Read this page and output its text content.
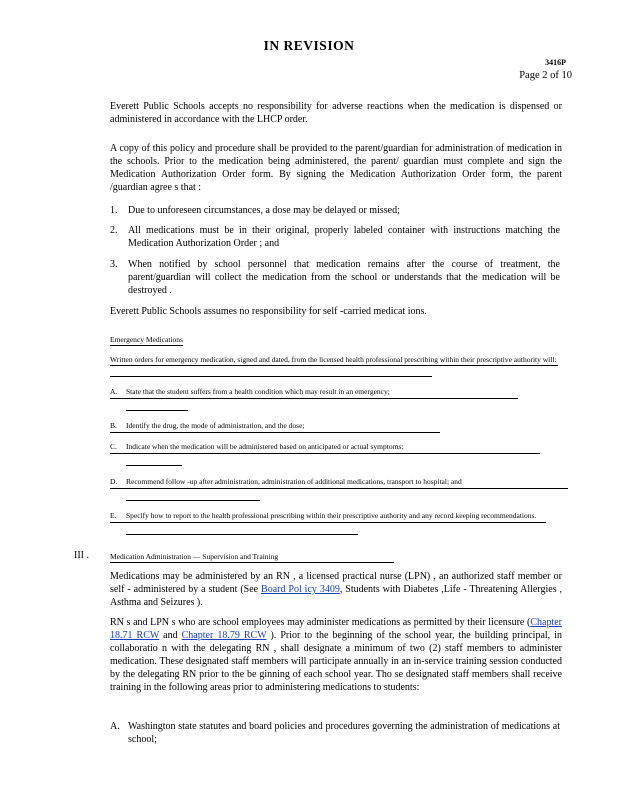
IN REVISION
3416P
Page 2 of 10
Everett Public Schools accepts no responsibility for adverse reactions when the medication is dispensed or administered in accordance with the LHCP order.
A copy of this policy and procedure shall be provided to the parent/guardian for administration of medication in the schools. Prior to the medication being administered, the parent/ guardian must complete and sign the Medication Authorization Order form. By signing the Medication Authorization Order form, the parent /guardian agree s that :
1. Due to unforeseen circumstances, a dose may be delayed or missed;
2. All medications must be in their original, properly labeled container with instructions matching the Medication Authorization Order ; and
3. When notified by school personnel that medication remains after the course of treatment, the parent/guardian will collect the medication from the school or understands that the medication will be destroyed .
Everett Public Schools assumes no responsibility for self -carried medicat ions.
Emergency Medications
Written orders for emergency medication, signed and dated, from the licensed health professional prescribing within their prescriptive authority will:
A. State that the student suffers from a health condition which may result in an emergency;
B. Identify the drug, the mode of administration, and the dose;
C. Indicate when the medication will be administered based on anticipated or actual symptoms;
D. Recommend follow -up after administration, administration of additional medications, transport to hospital; and
E. Specify how to report to the health professional prescribing within their prescriptive authority and any record keeping recommendations.
III .	Medication Administration — Supervision and Training
Medications may be administered by an RN , a licensed practical nurse (LPN) , an authorized staff member or self - administered by a student (See Board Pol icy 3409, Students with Diabetes ,Life - Threatening Allergies , Asthma and Seizures ).
RN s and LPN s who are school employees may administer medications as permitted by their licensure (Chapter 18.71 RCW and Chapter 18.79 RCW ). Prior to the beginning of the school year, the building principal, in collaboratio n with the delegating RN , shall designate a minimum of two (2) staff members to administer medication. These designated staff members will participate annually in an in-service training session conducted by the delegating RN prior to the be ginning of each school year. Tho se designated staff members shall receive training in the following areas prior to administering medications to students:
A. Washington state statutes and board policies and procedures governing the administration of medications at school;
